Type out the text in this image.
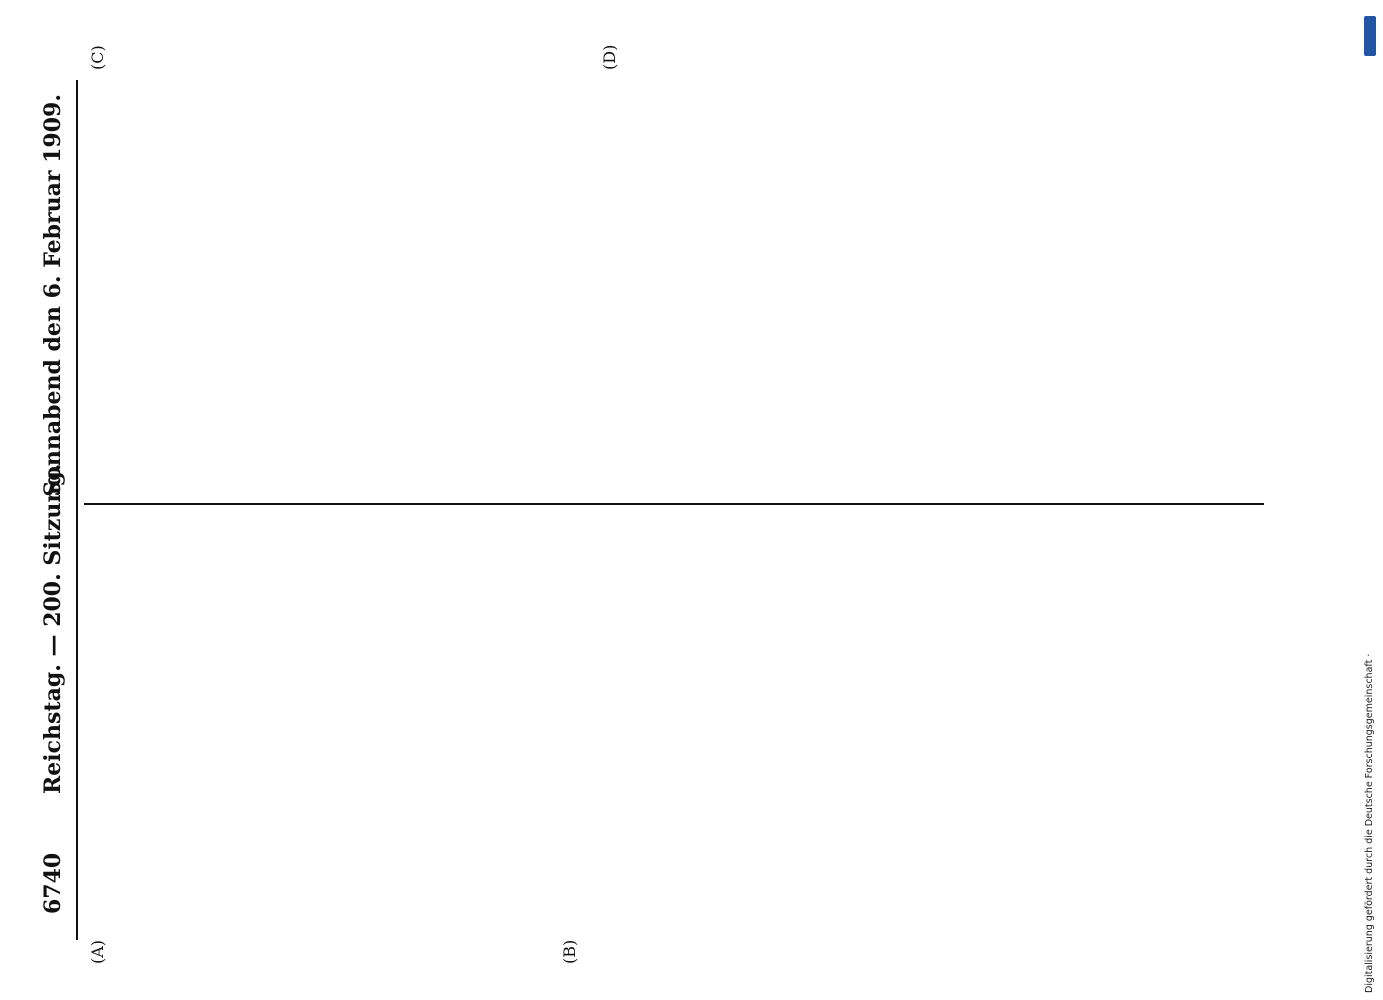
6740
Reichstag. — 200. Sitzung.
Sonnabend den 6. Februar 1909.
(A)	(B)
(C)	(D)
Digitalisierung gefördert durch die Deutsche Forschungsgemeinschaft ·
